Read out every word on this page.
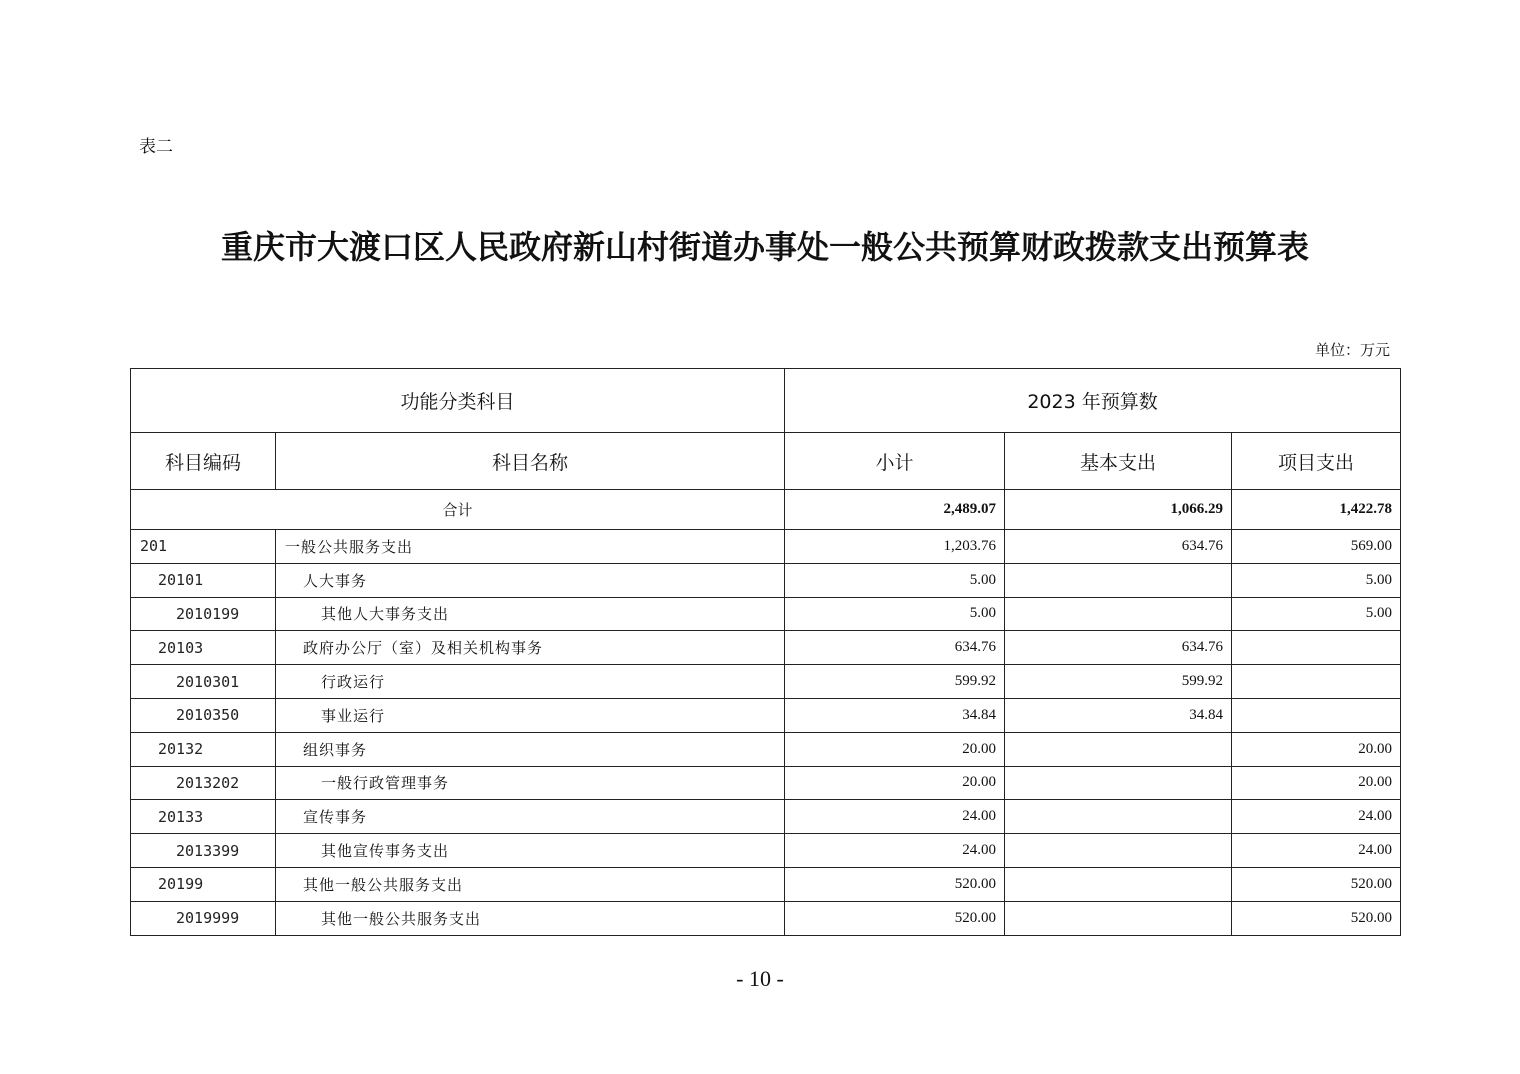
表二
重庆市大渡口区人民政府新山村街道办事处一般公共预算财政拨款支出预算表
单位：万元
功能分类科目		2023 年预算数		
科目编码	科目名称	小计	基本支出	项目支出
合计		2,489.07	1,066.29	1,422.78
201	一般公共服务支出	1,203.76	634.76	569.00
20101	人大事务	5.00		5.00
2010199	其他人大事务支出	5.00		5.00
20103	政府办公厅（室）及相关机构事务	634.76	634.76	
2010301	行政运行	599.92	599.92	
2010350	事业运行	34.84	34.84	
20132	组织事务	20.00		20.00
2013202	一般行政管理事务	20.00		20.00
20133	宣传事务	24.00		24.00
2013399	其他宣传事务支出	24.00		24.00
20199	其他一般公共服务支出	520.00		520.00
2019999	其他一般公共服务支出	520.00		520.00
- 10 -
